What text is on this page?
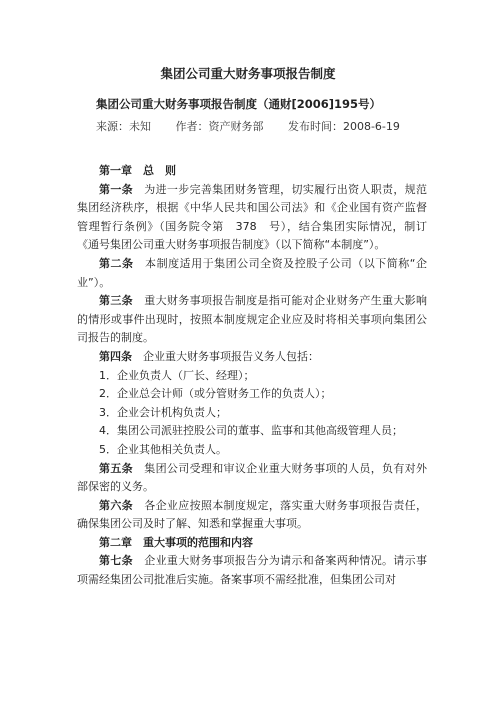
集团公司重大财务事项报告制度
集团公司重大财务事项报告制度（通财[2006]195号）
来源：未知       作者：资产财务部       发布时间：2008-6-19

第一章　总　则

第一条　为进一步完善集团财务管理，切实履行出资人职责，规范集团经济秩序，根据《中华人民共和国公司法》和《企业国有资产监督管理暂行条例》（国务院令第　378　号），结合集团实际情况，制订《通号集团公司重大财务事项报告制度》（以下简称“本制度”）。

第二条　本制度适用于集团公司全资及控股子公司（以下简称“企业”）。

第三条　重大财务事项报告制度是指可能对企业财务产生重大影响的情形或事件出现时，按照本制度规定企业应及时将相关事项向集团公司报告的制度。

第四条　企业重大财务事项报告义务人包括：

1．企业负责人（厂长、经理）；

2．企业总会计师（或分管财务工作的负责人）；

3．企业会计机构负责人；

4．集团公司派驻控股公司的董事、监事和其他高级管理人员；

5．企业其他相关负责人。

第五条　集团公司受理和审议企业重大财务事项的人员，负有对外部保密的义务。

第六条　各企业应按照本制度规定，落实重大财务事项报告责任，确保集团公司及时了解、知悉和掌握重大事项。

第二章　重大事项的范围和内容

第七条　企业重大财务事项报告分为请示和备案两种情况。请示事项需经集团公司批准后实施。备案事项不需经批准，但集团公司对
